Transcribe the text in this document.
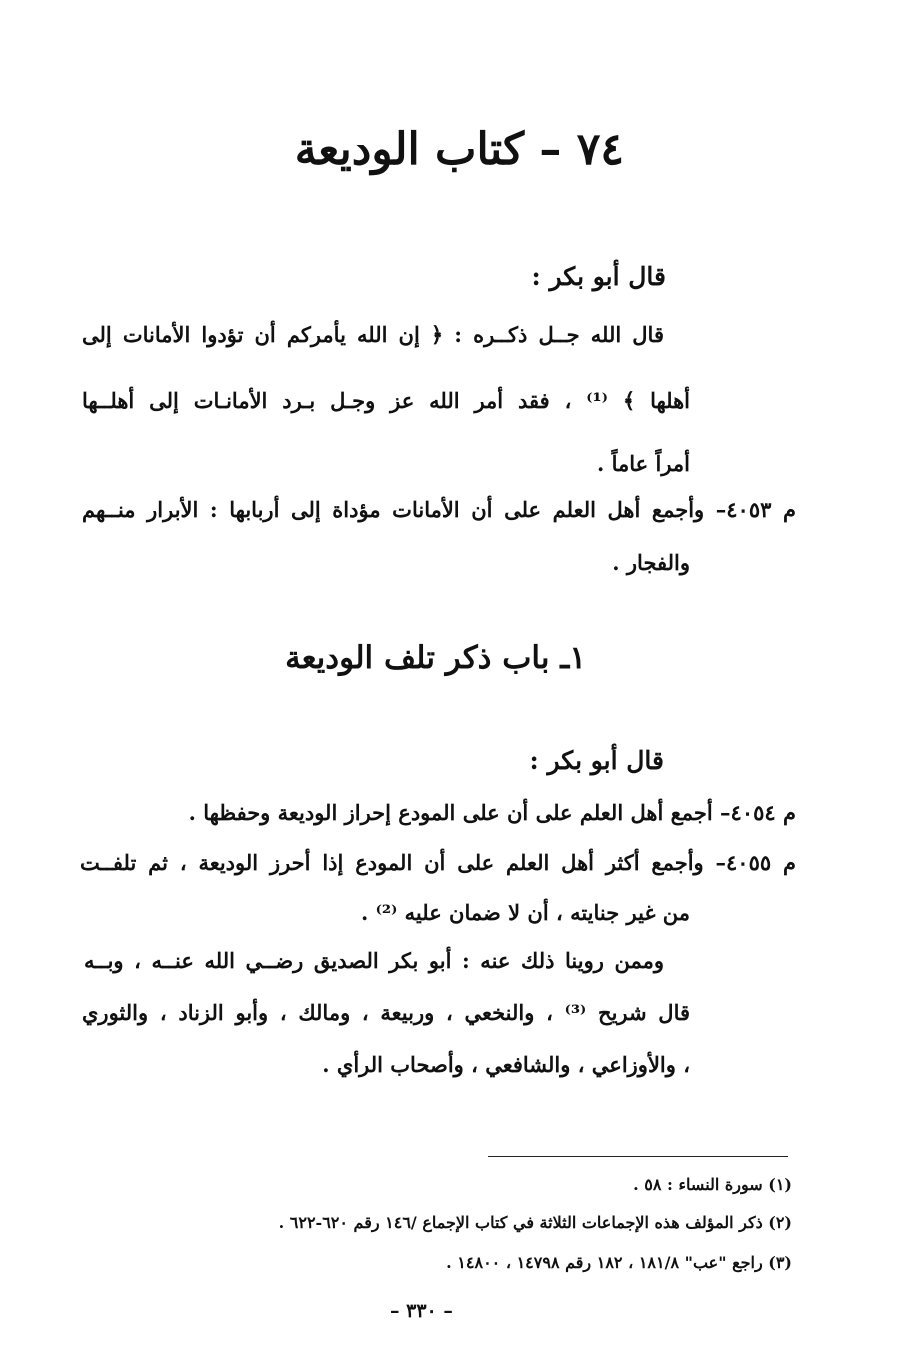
٧٤ – كتاب الوديعة

قال أبو بكر :

قال الله جــل ذكــره : ﴿ إن الله يأمركم أن تؤدوا الأمانات إلى

أهلها ﴾ ⁽¹⁾ ، فقد أمر الله عز وجـل بـرد الأمانـات إلى أهلــها

أمراً عاماً .

م ٤٠٥٣– وأجمع أهل العلم على أن الأمانات مؤداة إلى أربابها : الأبرار منــهم

والفجار .

١ـ باب ذكر تلف الوديعة

قال أبو بكر :

م ٤٠٥٤– أجمع أهل العلم على أن على المودع إحراز الوديعة وحفظها .

م ٤٠٥٥– وأجمع أكثر أهل العلم على أن المودع إذا أحرز الوديعة ، ثم تلفــت

من غير جنايته ، أن لا ضمان عليه ⁽²⁾ .

وممن روينا ذلك عنه : أبو بكر الصديق رضــي الله عنــه ، وبــه

قال شريح ⁽³⁾ ، والنخعي ، وربيعة ، ومالك ، وأبو الزناد ، والثوري

، والأوزاعي ، والشافعي ، وأصحاب الرأي .

(١) سورة النساء : ٥٨ .

(٢) ذكر المؤلف هذه الإجماعات الثلاثة في كتاب الإجماع /١٤٦ رقم ٦٢٠-٦٢٢ .

(٣) راجع "عب" ١٨١/٨ ، ١٨٢ رقم ١٤٧٩٨ ، ١٤٨٠٠ .

– ٣٣٠ –
